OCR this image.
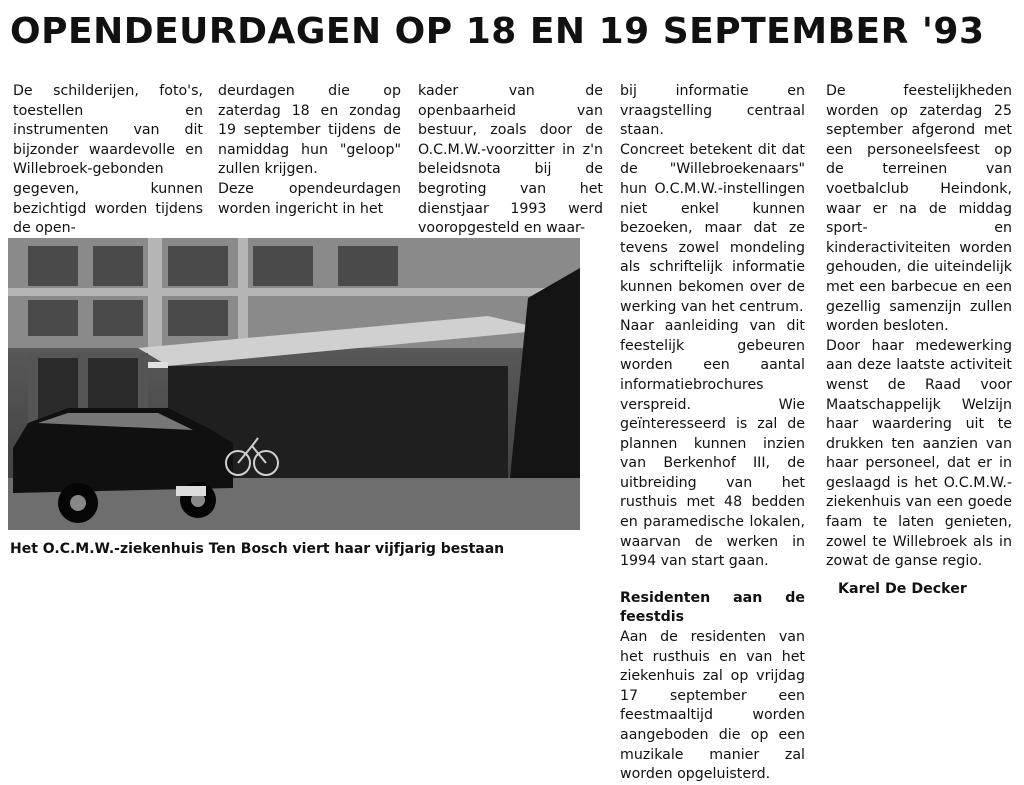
OPENDEURDAGEN OP 18 EN 19 SEPTEMBER '93

De schilderijen, foto's, toestellen en instrumenten van dit bijzonder waardevolle en Willebroek-gebonden gegeven, kunnen bezichtigd worden tijdens de open-

deurdagen die op zaterdag 18 en zondag 19 september tijdens de namiddag hun "geloop" zullen krijgen.

Deze opendeurdagen worden ingericht in het

kader van de openbaarheid van bestuur, zoals door de O.C.M.W.-voorzitter in z'n beleidsnota bij de begroting van het dienstjaar 1993 werd vooropgesteld en waar-

bij informatie en vraagstelling centraal staan.

Concreet betekent dit dat de "Willebroekenaars" hun O.C.M.W.-instellingen niet enkel kunnen bezoeken, maar dat ze tevens zowel mondeling als schriftelijk informatie kunnen bekomen over de werking van het centrum.

Naar aanleiding van dit feestelijk gebeuren worden een aantal informatiebrochures verspreid. Wie geïnteresseerd is zal de plannen kunnen inzien van Berkenhof III, de uitbreiding van het rusthuis met 48 bedden en paramedische lokalen, waarvan de werken in 1994 van start gaan.

Residenten aan de feestdis

Aan de residenten van het rusthuis en van het ziekenhuis zal op vrijdag 17 september een feestmaaltijd worden aangeboden die op een muzikale manier zal worden opgeluisterd.

De feestelijkheden worden op zaterdag 25 september afgerond met een personeelsfeest op de terreinen van voetbalclub Heindonk, waar er na de middag sport- en kinderactiviteiten worden gehouden, die uiteindelijk met een barbecue en een gezellig samenzijn zullen worden besloten.

Door haar medewerking aan deze laatste activiteit wenst de Raad voor Maatschappelijk Welzijn haar waardering uit te drukken ten aanzien van haar personeel, dat er in geslaagd is het O.C.M.W.-ziekenhuis van een goede faam te laten genieten, zowel te Willebroek als in zowat de ganse regio.

Karel De Decker

Het O.C.M.W.-ziekenhuis Ten Bosch viert haar vijfjarig bestaan
